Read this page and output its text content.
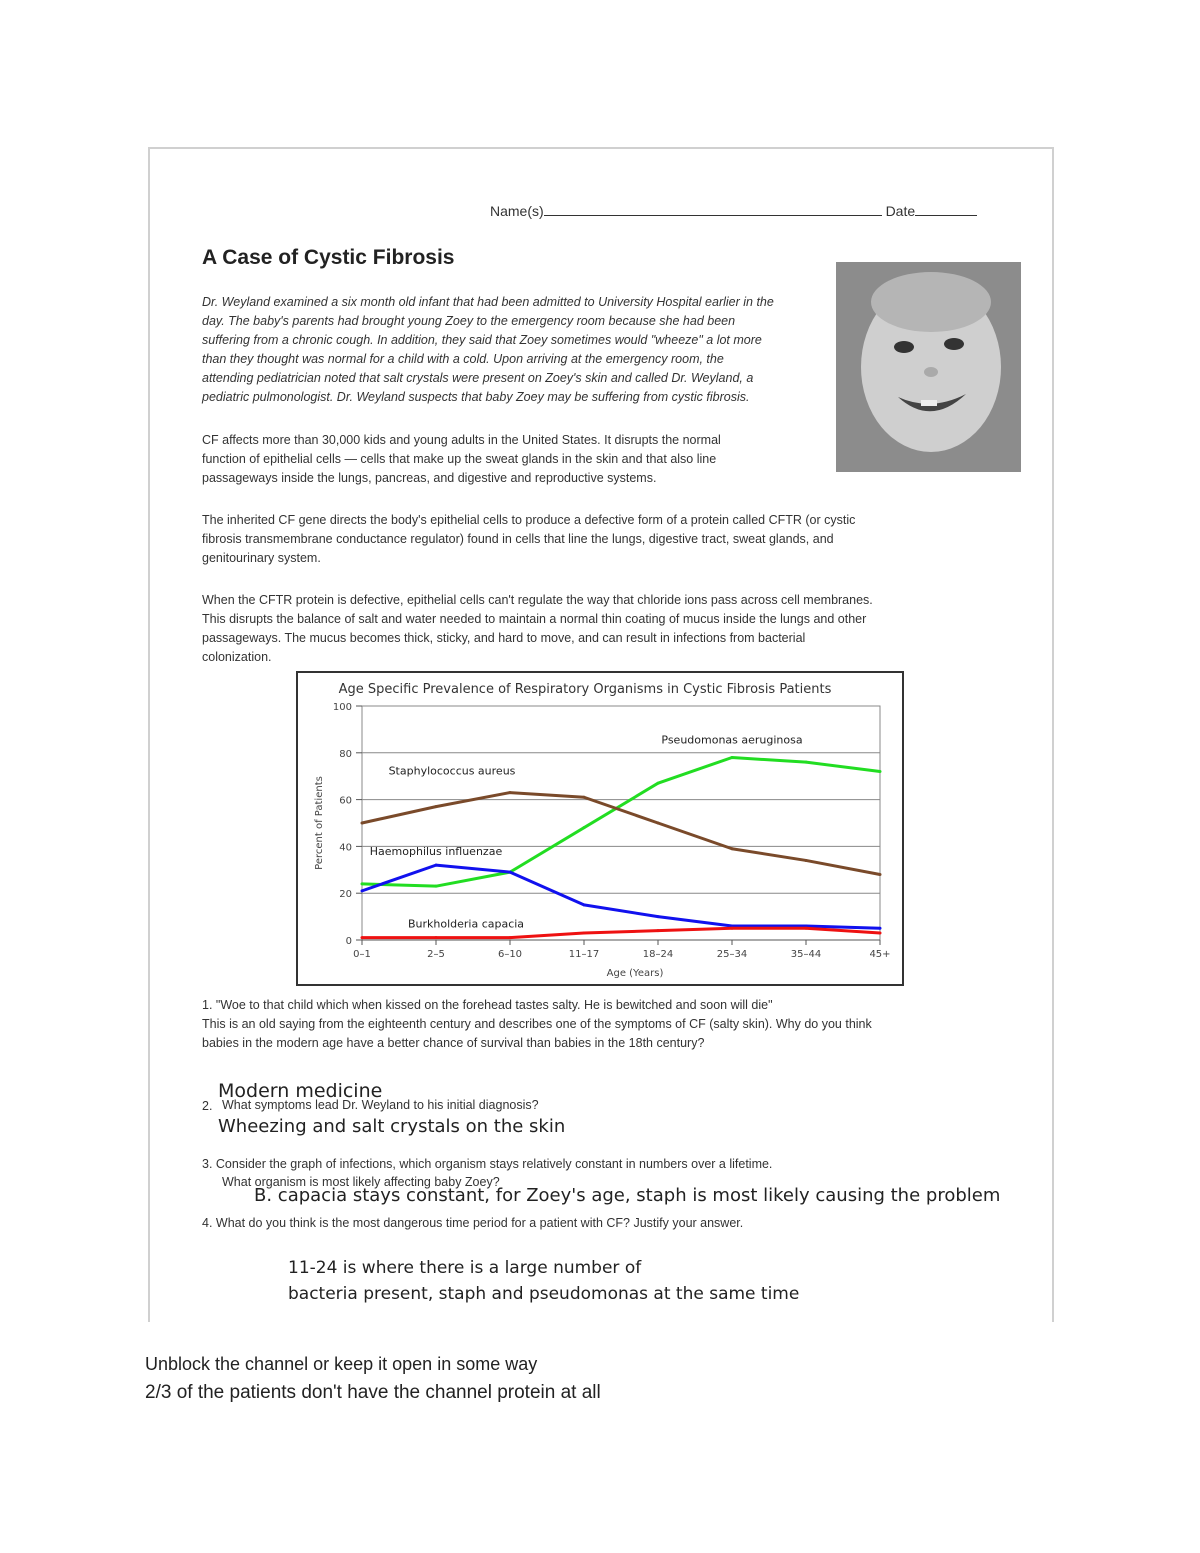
Name(s)	Date
A Case of Cystic Fibrosis
Dr. Weyland examined a six month old infant that had been admitted to University Hospital earlier in the
day. The baby's parents had brought young Zoey to the emergency room because she had been
suffering from a chronic cough. In addition, they said that Zoey sometimes would "wheeze" a lot more
than they thought was normal for a child with a cold. Upon arriving at the emergency room, the
attending pediatrician noted that salt crystals were present on Zoey's skin and called Dr. Weyland, a
pediatric pulmonologist. Dr. Weyland suspects that baby Zoey may be suffering from cystic fibrosis.
CF affects more than 30,000 kids and young adults in the United States. It disrupts the normal
function of epithelial cells — cells that make up the sweat glands in the skin and that also line
passageways inside the lungs, pancreas, and digestive and reproductive systems.
The inherited CF gene directs the body's epithelial cells to produce a defective form of a protein called CFTR (or cystic
fibrosis transmembrane conductance regulator) found in cells that line the lungs, digestive tract, sweat glands, and
genitourinary system.
When the CFTR protein is defective, epithelial cells can't regulate the way that chloride ions pass across cell membranes.
This disrupts the balance of salt and water needed to maintain a normal thin coating of mucus inside the lungs and other
passageways. The mucus becomes thick, sticky, and hard to move, and can result in infections from bacterial
colonization.
Age Specific Prevalence of Respiratory Organisms in Cystic Fibrosis Patients
0
20
40
60
80
100
0–1	2–5	6–10	11–17	18–24	25–34	35–44	45+
Age (Years)
Percent of Patients
Pseudomonas aeruginosa
Staphylococcus aureus
Haemophilus influenzae
Burkholderia capacia
1. "Woe to that child which when kissed on the forehead tastes salty. He is bewitched and soon will die"
This is an old saying from the eighteenth century and describes one of the symptoms of CF (salty skin). Why do you think
babies in the modern age have a better chance of survival than babies in the 18th century?
Modern medicine
2. What symptoms lead Dr. Weyland to his initial diagnosis?
Wheezing and salt crystals on the skin
3. Consider the graph of infections, which organism stays relatively constant in numbers over a lifetime.
What organism is most likely affecting baby Zoey?
B. capacia stays constant, for Zoey's age, staph is most likely causing the problem
4. What do you think is the most dangerous time period for a patient with CF? Justify your answer.
11-24 is where there is a large number of
bacteria present, staph and pseudomonas at the same time
Unblock the channel or keep it open in some way
2/3 of the patients don't have the channel protein at all
